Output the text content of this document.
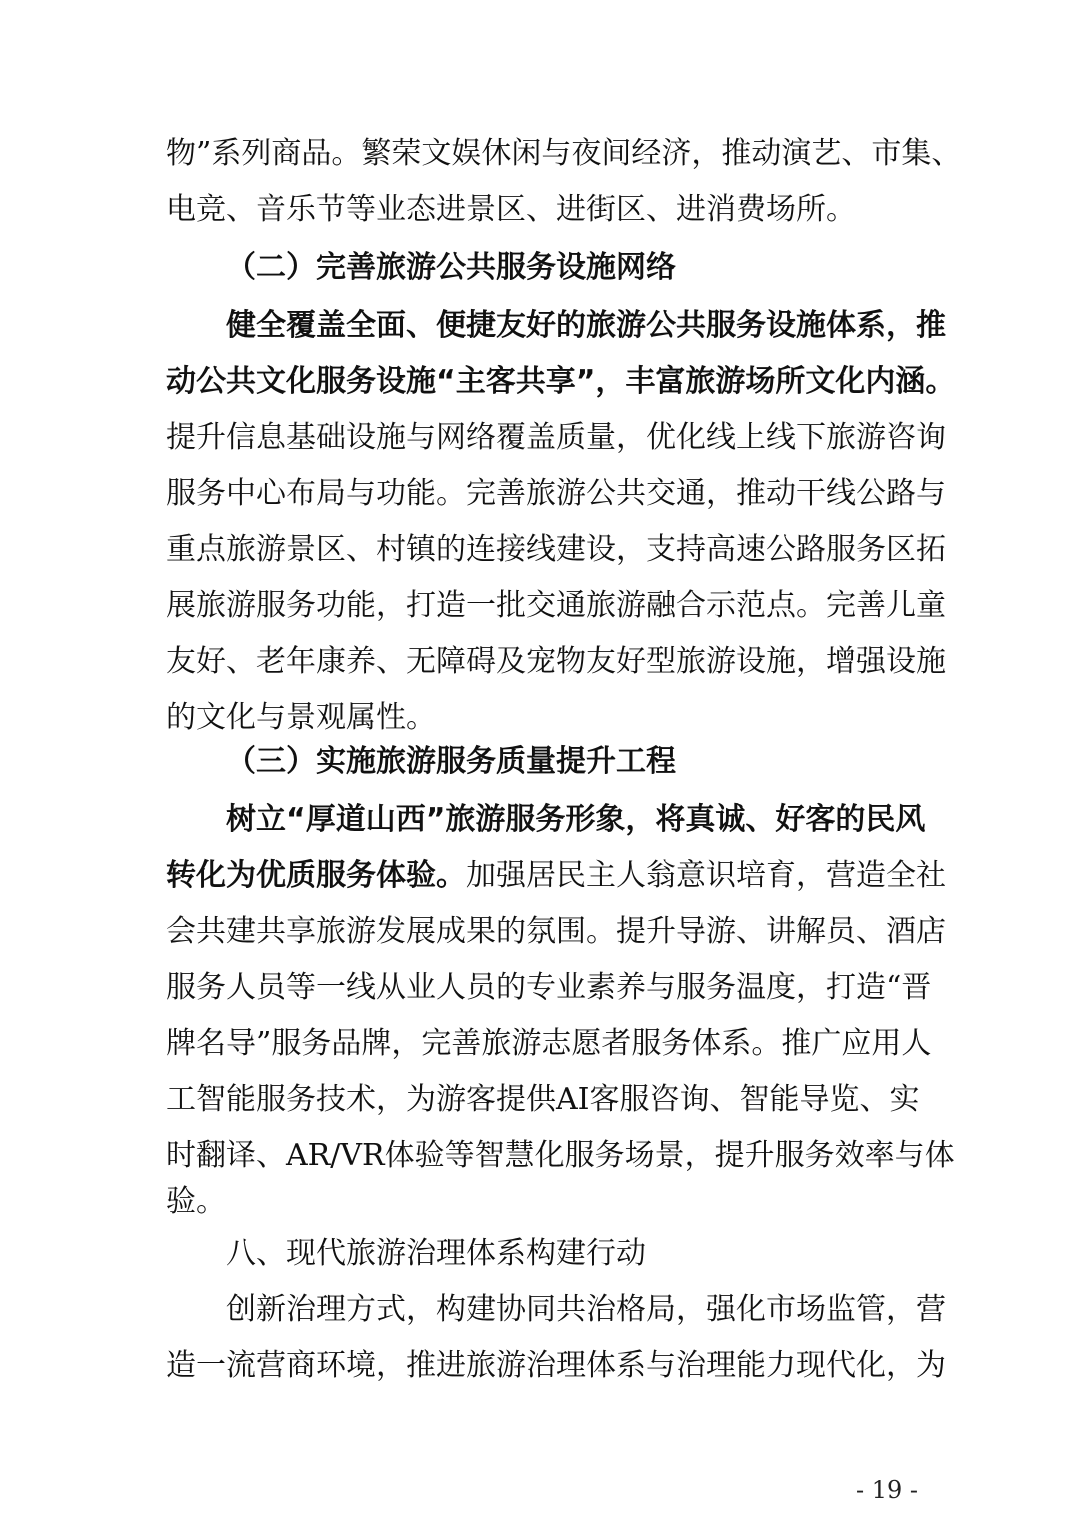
物”系列商品。繁荣文娱休闲与夜间经济，推动演艺、市集、
电竞、音乐节等业态进景区、进街区、进消费场所。
（二）完善旅游公共服务设施网络
健全覆盖全面、便捷友好的旅游公共服务设施体系，推
动公共文化服务设施“主客共享”，丰富旅游场所文化内涵。
提升信息基础设施与网络覆盖质量，优化线上线下旅游咨询
服务中心布局与功能。完善旅游公共交通，推动干线公路与
重点旅游景区、村镇的连接线建设，支持高速公路服务区拓
展旅游服务功能，打造一批交通旅游融合示范点。完善儿童
友好、老年康养、无障碍及宠物友好型旅游设施，增强设施
的文化与景观属性。
（三）实施旅游服务质量提升工程
树立“厚道山西”旅游服务形象，将真诚、好客的民风
转化为优质服务体验。加强居民主人翁意识培育，营造全社
会共建共享旅游发展成果的氛围。提升导游、讲解员、酒店
服务人员等一线从业人员的专业素养与服务温度，打造“晋
牌名导”服务品牌，完善旅游志愿者服务体系。推广应用人
工智能服务技术，为游客提供AI客服咨询、智能导览、实
时翻译、AR/VR体验等智慧化服务场景，提升服务效率与体
验。
八、现代旅游治理体系构建行动
创新治理方式，构建协同共治格局，强化市场监管，营
造一流营商环境，推进旅游治理体系与治理能力现代化，为
- 19 -
